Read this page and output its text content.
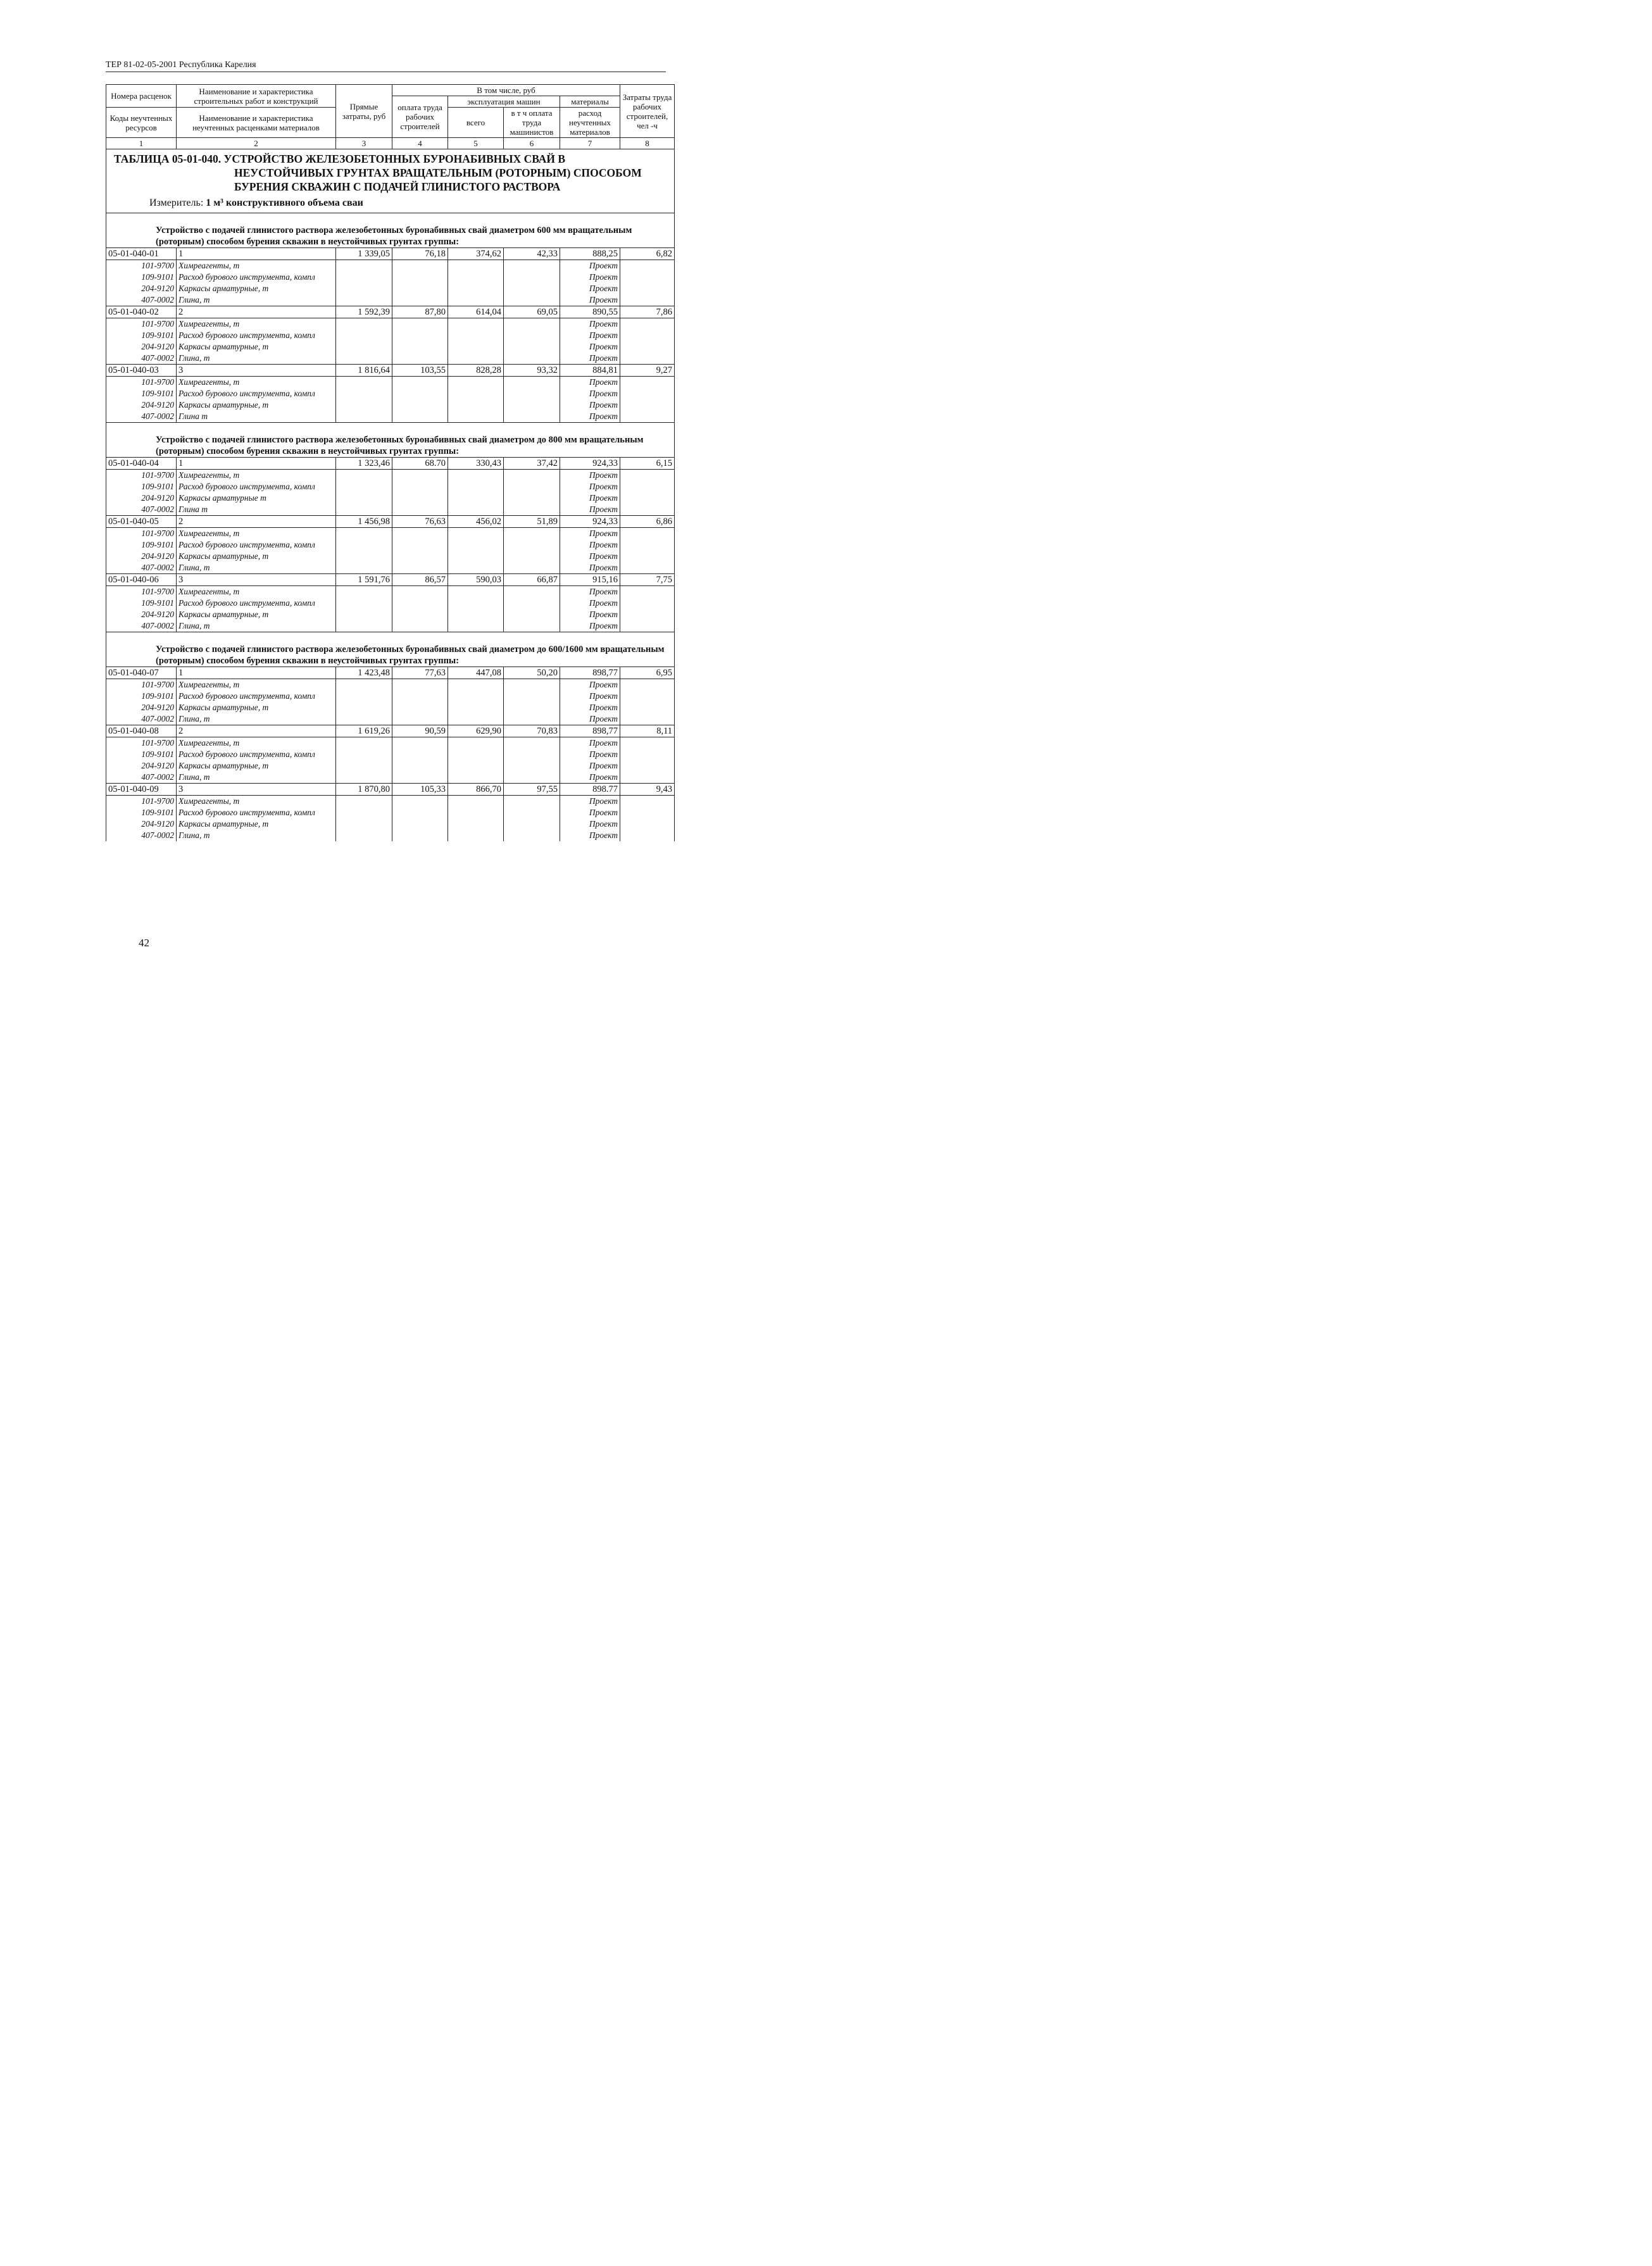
ТЕР 81-02-05-2001 Республика Карелия
Номера расценок	Наименование и характеристика строительных работ и конструкций	Прямые затраты, руб	В том числе, руб				Затраты труда рабочих строителей, чел -ч
			оплата труда рабочих строителей	эксплуатация машин		материалы	
Коды неучтенных ресурсов	Наименование и характеристика неучтенных расценками материалов			всего	в т ч оплата труда машинистов	расход неучтенных материалов	

1	2	3	4	5	6	7	8

ТАБЛИЦА 05-01-040. УСТРОЙСТВО ЖЕЛЕЗОБЕТОННЫХ БУРОНАБИВНЫХ СВАЙ В
НЕУСТОЙЧИВЫХ ГРУНТАХ ВРАЩАТЕЛЬНЫМ (РОТОРНЫМ) СПОСОБОМ
БУРЕНИЯ СКВАЖИН С ПОДАЧЕЙ ГЛИНИСТОГО РАСТВОРА
Измеритель: 1 м³ конструктивного объема сваи							

Устройство с подачей глинистого раствора железобетонных буронабивных свай диаметром 600 мм вращательным (роторным) способом бурения скважин в неустойчивых грунтах группы:							
05-01-040-01	1	1 339,05	76,18	374,62	42,33	888,25	6,82
101-9700	Химреагенты, т					Проект	
109-9101	Расход бурового инструмента, компл					Проект	
204-9120	Каркасы арматурные, т					Проект	
407-0002	Глина, т					Проект	
05-01-040-02	2	1 592,39	87,80	614,04	69,05	890,55	7,86
101-9700	Химреагенты, т					Проект	
109-9101	Расход бурового инструмента, компл					Проект	
204-9120	Каркасы арматурные, т					Проект	
407-0002	Глина, т					Проект	
05-01-040-03	3	1 816,64	103,55	828,28	93,32	884,81	9,27
101-9700	Химреагенты, т					Проект	
109-9101	Расход бурового инструмента, компл					Проект	
204-9120	Каркасы арматурные, т					Проект	
407-0002	Глина т					Проект	
Устройство с подачей глинистого раствора железобетонных буронабивных свай диаметром до 800 мм вращательным (роторным) способом бурения скважин в неустойчивых грунтах группы:							
05-01-040-04	1	1 323,46	68.70	330,43	37,42	924,33	6,15
101-9700	Химреагенты, т					Проект	
109-9101	Расход бурового инструмента, компл					Проект	
204-9120	Каркасы арматурные т					Проект	
407-0002	Глина т					Проект	
05-01-040-05	2	1 456,98	76,63	456,02	51,89	924,33	6,86
101-9700	Химреагенты, т					Проект	
109-9101	Расход бурового инструмента, компл					Проект	
204-9120	Каркасы арматурные, т					Проект	
407-0002	Глина, т					Проект	
05-01-040-06	3	1 591,76	86,57	590,03	66,87	915,16	7,75
101-9700	Химреагенты, т					Проект	
109-9101	Расход бурового инструмента, компл					Проект	
204-9120	Каркасы арматурные, т					Проект	
407-0002	Глина, т					Проект	
Устройство с подачей глинистого раствора железобетонных буронабивных свай диаметром до 600/1600 мм вращательным (роторным) способом бурения скважин в неустойчивых грунтах группы:							
05-01-040-07	1	1 423,48	77,63	447,08	50,20	898,77	6,95
101-9700	Химреагенты, т					Проект	
109-9101	Расход бурового инструмента, компл					Проект	
204-9120	Каркасы арматурные, т					Проект	
407-0002	Глина, т					Проект	
05-01-040-08	2	1 619,26	90,59	629,90	70,83	898,77	8,11
101-9700	Химреагенты, т					Проект	
109-9101	Расход бурового инструмента, компл					Проект	
204-9120	Каркасы арматурные, т					Проект	
407-0002	Глина, т					Проект	
05-01-040-09	3	1 870,80	105,33	866,70	97,55	898.77	9,43
101-9700	Химреагенты, т					Проект	
109-9101	Расход бурового инструмента, компл					Проект	
204-9120	Каркасы арматурные, т					Проект	
407-0002	Глина, т					Проект	
42
